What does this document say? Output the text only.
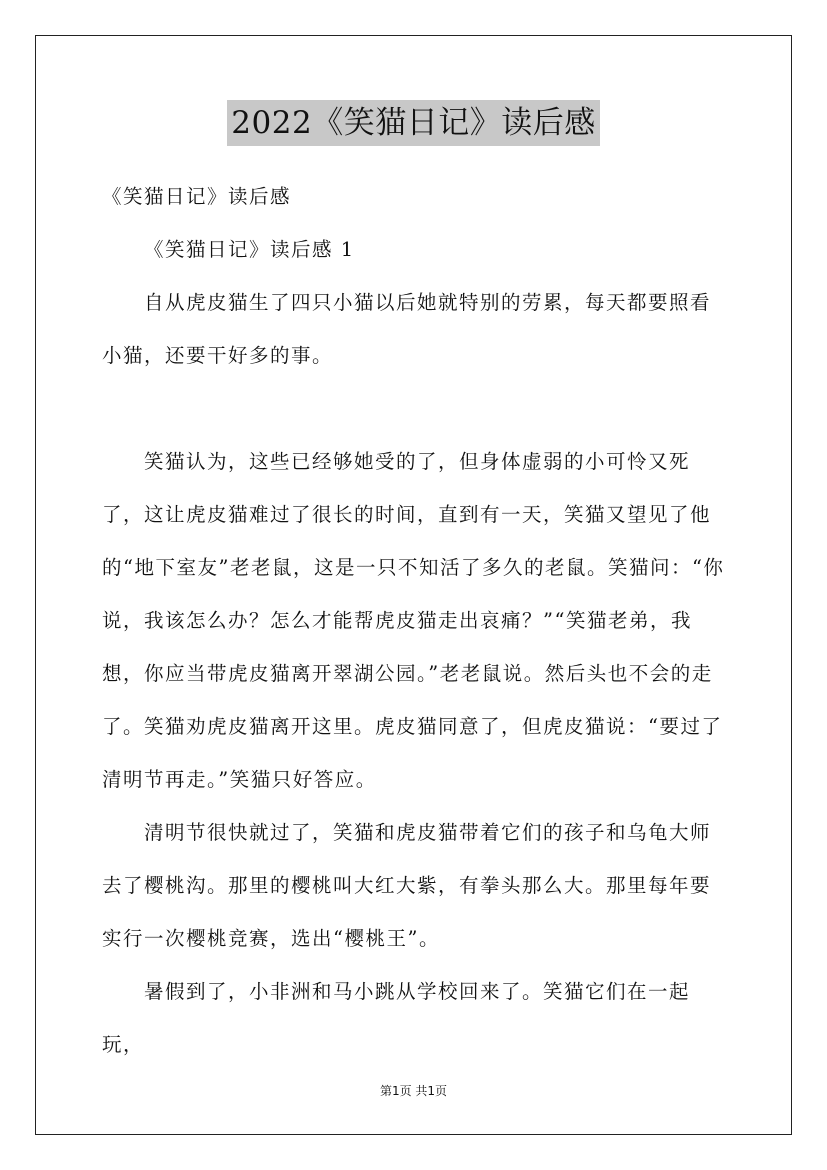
2022《笑猫日记》读后感

《笑猫日记》读后感

《笑猫日记》读后感 1

自从虎皮猫生了四只小猫以后她就特别的劳累，每天都要照看小猫，还要干好多的事。

笑猫认为，这些已经够她受的了，但身体虚弱的小可怜又死了，这让虎皮猫难过了很长的时间，直到有一天，笑猫又望见了他的“地下室友”老老鼠，这是一只不知活了多久的老鼠。笑猫问：“你说，我该怎么办？怎么才能帮虎皮猫走出哀痛？”“笑猫老弟，我想，你应当带虎皮猫离开翠湖公园。”老老鼠说。然后头也不会的走了。笑猫劝虎皮猫离开这里。虎皮猫同意了，但虎皮猫说：“要过了清明节再走。”笑猫只好答应。

清明节很快就过了，笑猫和虎皮猫带着它们的孩子和乌龟大师去了樱桃沟。那里的樱桃叫大红大紫，有拳头那么大。那里每年要实行一次樱桃竞赛，选出“樱桃王”。

暑假到了，小非洲和马小跳从学校回来了。笑猫它们在一起玩，

第1页 共1页
